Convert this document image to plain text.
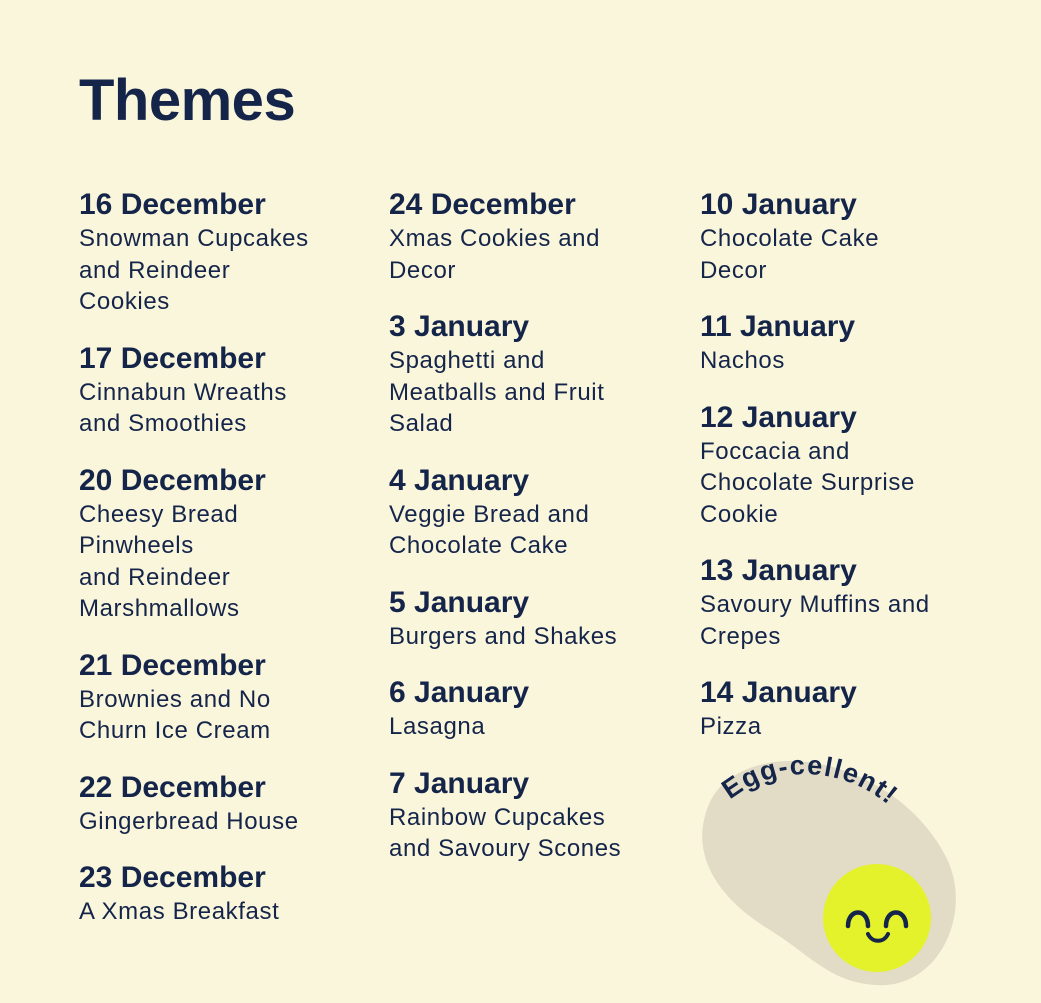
Themes
16 December
Snowman Cupcakes
and Reindeer
Cookies
17 December
Cinnabun Wreaths
and Smoothies
20 December
Cheesy Bread
Pinwheels
and Reindeer
Marshmallows
21 December
Brownies and No
Churn Ice Cream
22 December
Gingerbread House
23 December
A Xmas Breakfast
24 December
Xmas Cookies and
Decor
3 January
Spaghetti and
Meatballs and Fruit
Salad
4 January
Veggie Bread and
Chocolate Cake
5 January
Burgers and Shakes
6 January
Lasagna
7 January
Rainbow Cupcakes
and Savoury Scones
10 January
Chocolate Cake
Decor
11 January
Nachos
12 January
Foccacia and
Chocolate Surprise
Cookie
13 January
Savoury Muffins and
Crepes
14 January
Pizza
Egg-cellent!
